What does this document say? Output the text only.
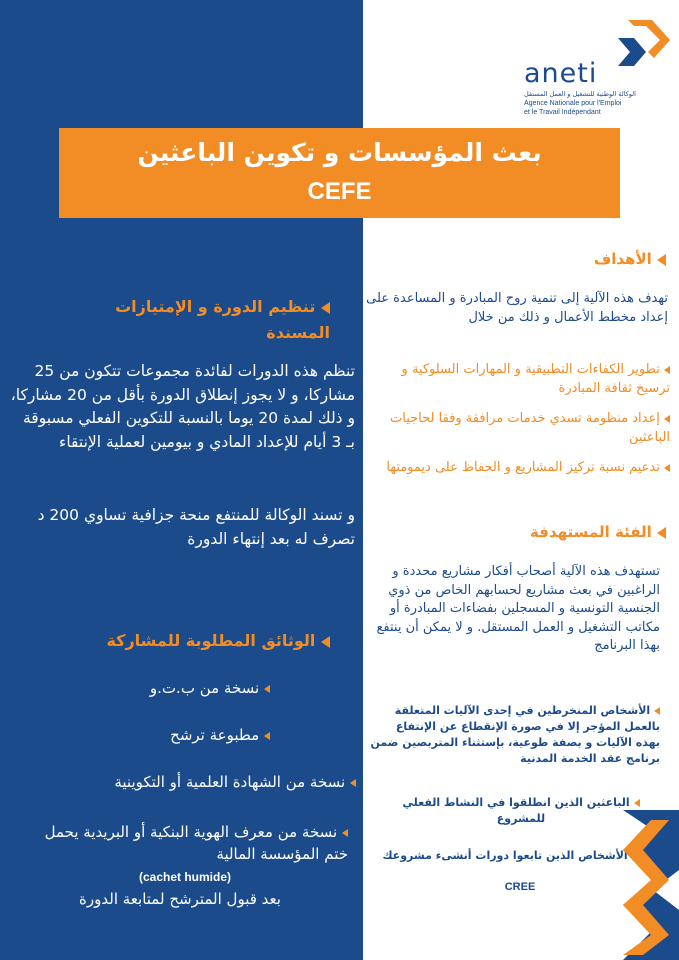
aneti
الوكالة الوطنية للتشغيل و العمل المستقل
Agence Nationale pour l'Emploi
et le Travail Indépendant
بعث المؤسسات و تكوين الباعثين
CEFE
الأهداف
تهدف هذه الآلية إلى تنمية روح المبادرة و المساعدة على إعداد مخطط الأعمال و ذلك من خلال
تطوير الكفاءات التطبيقية و المهارات السلوكية و ترسيخ ثقافة المبادرة
إعداد منظومة تسدي خدمات مرافقة وفقا لحاجيات الباعثين
تدعيم نسبة تركيز المشاريع و الحفاظ على ديمومتها
الفئة المستهدفة
تستهدف هذه الآلية أصحاب أفكار مشاريع محددة و الراغبين في بعث مشاريع لحسابهم الخاص من ذوي الجنسية التونسية و المسجلين بفضاءات المبادرة أو مكاتب التشغيل و العمل المستقل. و لا يمكن أن ينتفع بهذا البرنامج
الأشخاص المنخرطين في إحدى الآليات المتعلقة بالعمل المؤجر إلا في صورة الإنقطاع عن الإنتفاع بهذه الآليات و بصفة طوعية، بإستثناء المتربصين ضمن برنامج عقد الخدمة المدنية
الباعثين الذين انطلقوا في النشاط الفعلي للمشروع
الأشخاص الذين تابعوا دورات أنشىء مشروعك
CREE
تنظيم الدورة و الإمتيازات المسندة
تنظم هذه الدورات لفائدة مجموعات تتكون من 25 مشاركا، و لا يجوز إنطلاق الدورة بأقل من 20 مشاركا، و ذلك لمدة 20 يوما بالنسبة للتكوين الفعلي مسبوقة بـ 3 أيام للإعداد المادي و بيومين لعملية الإنتقاء
و تسند الوكالة للمنتفع منحة جزافية تساوي 200 د تصرف له بعد إنتهاء الدورة
الوثائق المطلوبة للمشاركة
نسخة من ب.ت.و
مطبوعة ترشح
نسخة من الشهادة العلمية أو التكوينية
نسخة من معرف الهوية البنكية أو البريدية يحمل ختم المؤسسة المالية
(cachet humide)
بعد قبول المترشح لمتابعة الدورة
